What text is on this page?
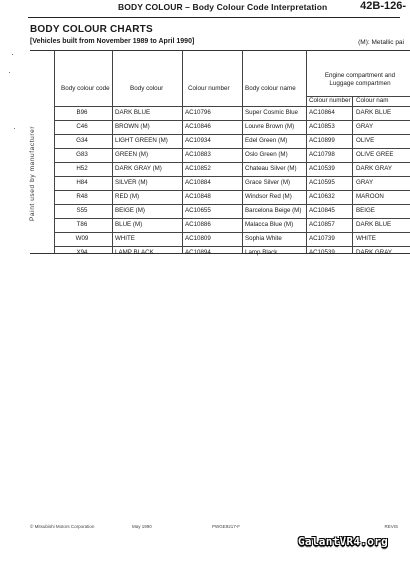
BODY COLOUR – Body Colour Code Interpretation	42B-126-
BODY COLOUR CHARTS
[Vehicles built from November 1989 to April 1990]	(M): Metallic pai
Body colour code	Body colour	Colour number Body colour name
Engine compartment and Luggage compartmen
Colour number Colour nam
Paint used by manufacturer
B96	DARK BLUE	AC10796	Super Cosmic Blue AC10864	DARK BLUE
C46	BROWN (M)	AC10846	Louvre Brown (M) AC10853	GRAY
G34	LIGHT GREEN (M)	AC10934	Edel Green (M)	AC10899	OLIVE
G83	GREEN (M)	AC10883	Oslo Green (M)	AC10798	OLIVE GREE
H52	DARK GRAY (M)	AC10852	Chateau Silver (M) AC10539	DARK GRAY
H84	SILVER (M)	AC10884	Grace Silver (M)	AC10595	GRAY
R48	RED (M)	AC10848	Windsor Red (M)	AC10632	MAROON
S55	BEIGE (M)	AC10655	Barcelona Beige (M) AC10845	BEIGE
T86	BLUE (M)	AC10886	Malacca Blue (M)	AC10857	DARK BLUE
W09	WHITE	AC10809	Sophia White	AC10739	WHITE
X94	LAMP BLACK	AC10894	Lamp Black	AC10539	DARK GRAY
© Mitsubishi Motors Corporation	May 1990	PWGE9217-F	REVIS
GalantVR4.org
